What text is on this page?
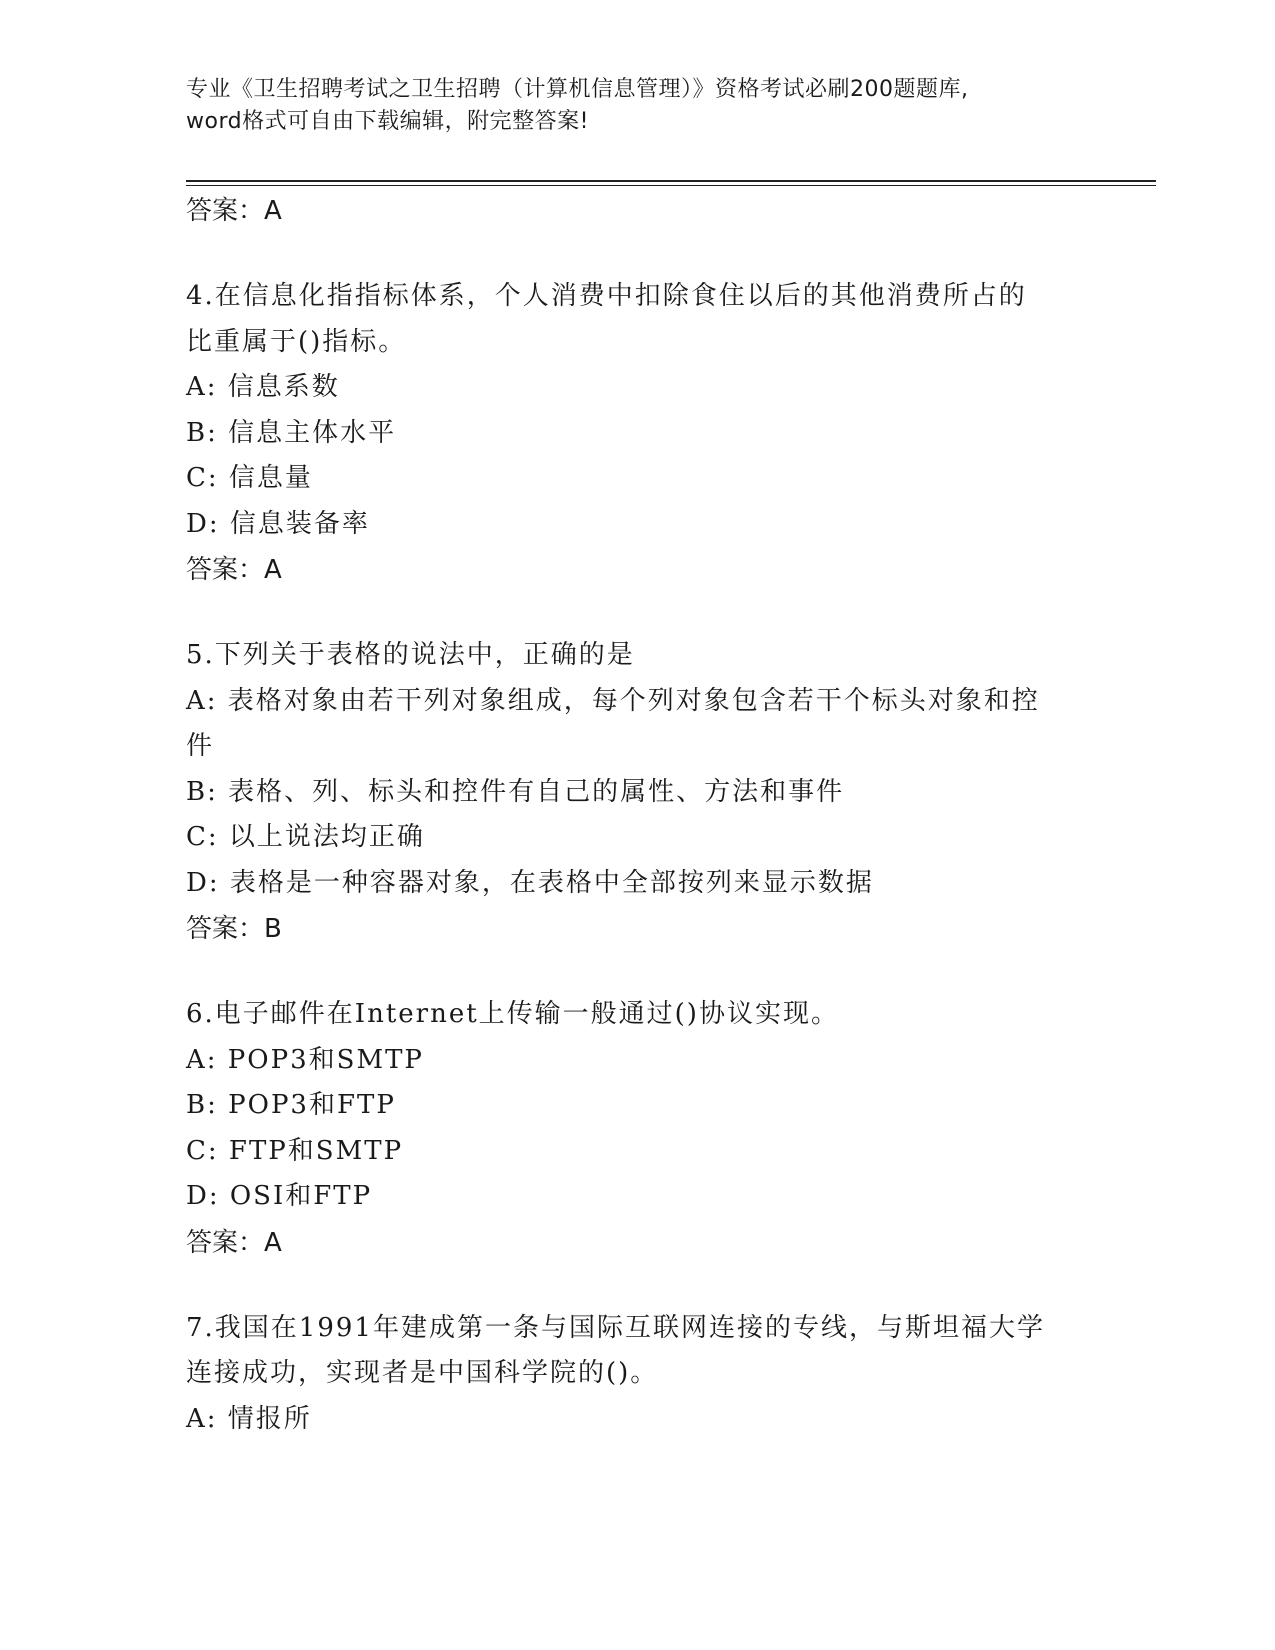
专业《卫生招聘考试之卫生招聘（计算机信息管理）》资格考试必刷200题题库,
word格式可自由下载编辑，附完整答案!
答案：A
4.在信息化指指标体系，个人消费中扣除食住以后的其他消费所占的
比重属于()指标。
A: 信息系数
B: 信息主体水平
C: 信息量
D: 信息装备率
答案：A
5.下列关于表格的说法中，正确的是
A: 表格对象由若干列对象组成，每个列对象包含若干个标头对象和控
件
B: 表格、列、标头和控件有自己的属性、方法和事件
C: 以上说法均正确
D: 表格是一种容器对象，在表格中全部按列来显示数据
答案：B
6.电子邮件在Internet上传输一般通过()协议实现。
A: POP3和SMTP
B: POP3和FTP
C: FTP和SMTP
D: OSI和FTP
答案：A
7.我国在1991年建成第一条与国际互联网连接的专线，与斯坦福大学
连接成功，实现者是中国科学院的()。
A: 情报所
